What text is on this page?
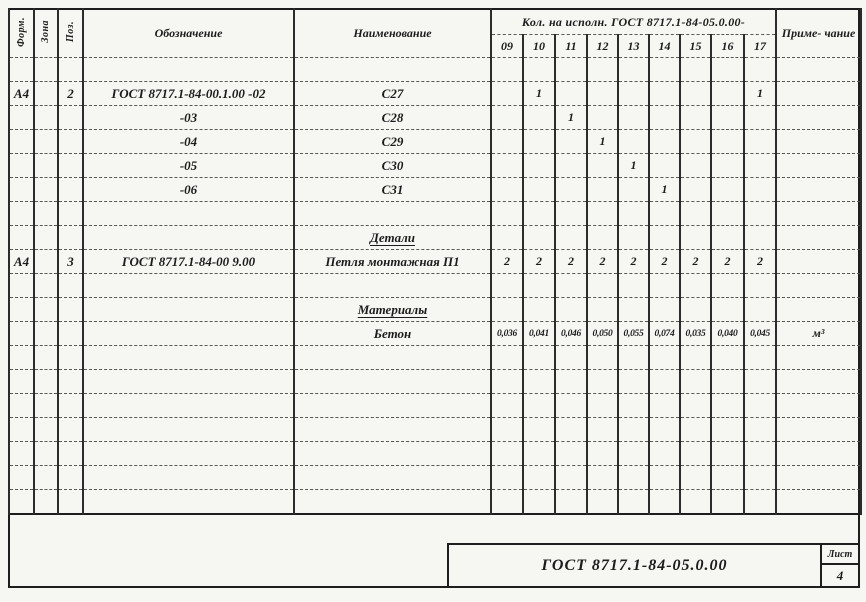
Форм.	Зона	Поз.	Обозначение	Наименование	Кол. на исполн. ГОСТ 8717.1-84-05.0.00-									Приме- чание
					09	10	11	12	13	14	15	16	17	

А4		2	ГОСТ 8717.1-84-00.1.00 -02	С27		1							1	
			-03	С28			1							
			-04	С29				1						
			-05	С30					1					
			-06	С31						1				

				Детали										
А4		3	ГОСТ 8717.1-84-00 9.00	Петля монтажная П1	2	2	2	2	2	2	2	2	2	

				Материалы										
				Бетон	0,036	0,041	0,046	0,050	0,055	0,074	0,035	0,040	0,045	м³

ГОСТ 8717.1-84-05.0.00
Лист
4
